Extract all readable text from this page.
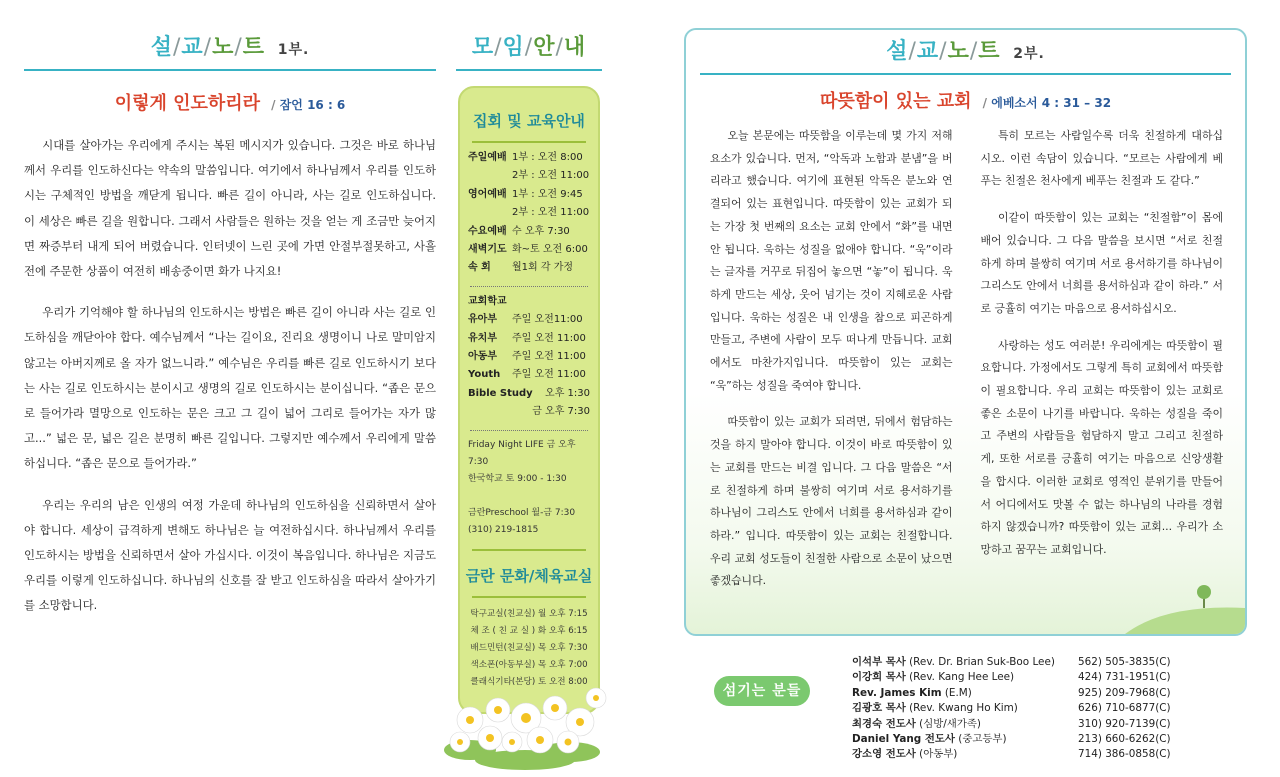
설/교/노/트 1부.
이렇게 인도하리라 / 잠언 16 : 6

시대를 살아가는 우리에게 주시는 복된 메시지가 있습니다. 그것은 바로 하나님께서 우리를 인도하신다는 약속의 말씀입니다. 여기에서 하나님께서 우리를 인도하시는 구체적인 방법을 깨닫게 됩니다. 빠른 길이 아니라, 사는 길로 인도하십니다. 이 세상은 빠른 길을 원합니다. 그래서 사람들은 원하는 것을 얻는 게 조금만 늦어지면 짜증부터 내게 되어 버렸습니다. 인터넷이 느린 곳에 가면 안절부절못하고, 사흘 전에 주문한 상품이 여전히 배송중이면 화가 나지요!

우리가 기억해야 할 하나님의 인도하시는 방법은 빠른 길이 아니라 사는 길로 인도하심을 깨닫아야 합다. 예수님께서 “나는 길이요, 진리요 생명이니 나로 말미암지 않고는 아버지께로 올 자가 없느니라.” 예수님은 우리를 빠른 길로 인도하시기 보다는 사는 길로 인도하시는 분이시고 생명의 길로 인도하시는 분이십니다. “좁은 문으로 들어가라 멸망으로 인도하는 문은 크고 그 길이 넓어 그리로 들어가는 자가 많고...” 넓은 문, 넓은 길은 분명히 빠른 길입니다. 그렇지만 예수께서 우리에게 말씀하십니다. “좁은 문으로 들어가라.”

우리는 우리의 남은 인생의 여정 가운데 하나님의 인도하심을 신뢰하면서 살아야 합니다. 세상이 급격하게 변해도 하나님은 늘 여전하십시다. 하나님께서 우리를 인도하시는 방법을 신뢰하면서 살아 가십시다. 이것이 복음입니다. 하나님은 지금도 우리를 이렇게 인도하십니다. 하나님의 신호를 잘 받고 인도하심을 따라서 살아가기를 소망합니다.

모/임/안/내
집회 및 교육안내
주일예배 1부 : 오전 8:00
2부 : 오전 11:00
영어예배 1부 : 오전 9:45
2부 : 오전 11:00
수요예배 수 오후 7:30
새벽기도 화~토 오전 6:00
속 회	월1회 각 가정
교회학교
유아부	주일 오전11:00
유치부	주일 오전 11:00
아동부	주일 오전 11:00
Youth	주일 오전 11:00
Bible Study	오후 1:30
금 오후 7:30
Friday Night LIFE 금 오후 7:30
한국학교 토 9:00 - 1:30
금란Preschool 월-금 7:30
(310) 219-1815
금란 문화/체육교실
탁구교실(친교실) 월 오후 7:15
체 조 ( 친 교 실 ) 화 오후 6:15
배드민턴(친교실) 목 오후 7:30
색소폰(아동부실) 목 오후 7:00
클래식기타(본당) 토 오전 8:00
설/교/노/트 2부.
따뜻함이 있는 교회 / 에베소서 4 : 31 – 32

오늘 본문에는 따뜻함을 이루는데 몇 가지 저해요소가 있습니다. 먼저, “악독과 노함과 분냄”을 버리라고 했습니다. 여기에 표현된 악독은 분노와 연결되어 있는 표현입니다. 따뜻함이 있는 교회가 되는 가장 첫 번째의 요소는 교회 안에서 “화”를 내면 안 됩니다. 욱하는 성질을 없애야 합니다. “욱”이라는 글자를 거꾸로 뒤집어 놓으면 “놓”이 됩니다. 욱하게 만드는 세상, 웃어 넘기는 것이 지혜로운 사람입니다. 욱하는 성질은 내 인생을 참으로 피곤하게 만들고, 주변에 사람이 모두 떠나게 만듭니다. 교회에서도 마찬가지입니다. 따뜻함이 있는 교회는 “욱”하는 성질을 죽여야 합니다.

따뜻함이 있는 교회가 되려면, 뒤에서 험담하는 것을 하지 말아야 합니다. 이것이 바로 따뜻함이 있는 교회를 만드는 비결 입니다. 그 다음 말씀은 “서로 친절하게 하며 불쌍히 여기며 서로 용서하기를 하나님이 그리스도 안에서 너희를 용서하심과 같이 하라.” 입니다. 따뜻함이 있는 교회는 친절합니다. 우리 교회 성도들이 친절한 사람으로 소문이 났으면 좋겠습니다.

특히 모르는 사람일수록 더욱 친절하게 대하십시오. 이런 속담이 있습니다. “모르는 사람에게 베푸는 친절은 천사에게 베푸는 친절과 도 같다.”

이같이 따뜻함이 있는 교회는 “친절함”이 몸에 배어 있습니다. 그 다음 말씀을 보시면 “서로 친절하게 하며 불쌍히 여기며 서로 용서하기를 하나님이 그리스도 안에서 너희를 용서하심과 같이 하라.” 서로 긍휼히 여기는 마음으로 용서하십시오.

사랑하는 성도 여러분! 우리에게는 따뜻함이 필요합니다. 가정에서도 그렇게 특히 교회에서 따뜻함이 필요합니다. 우리 교회는 따뜻함이 있는 교회로 좋은 소문이 나기를 바랍니다. 욱하는 성질을 죽이고 주변의 사람들을 험담하지 말고 그리고 친절하게, 또한 서로를 긍휼히 여기는 마음으로 신앙생활을 합시다. 이러한 교회로 영적인 분위기를 만들어서 어디에서도 맛볼 수 없는 하나님의 나라를 경험하지 않겠습니까? 따뜻함이 있는 교회... 우리가 소망하고 꿈꾸는 교회입니다.

섬기는 분들
이석부 목사 (Rev. Dr. Brian Suk-Boo Lee)	562) 505-3835(C)
이강희 목사 (Rev. Kang Hee Lee)	424) 731-1951(C)
Rev. James Kim (E.M)	925) 209-7968(C)
김광호 목사 (Rev. Kwang Ho Kim)	626) 710-6877(C)
최경숙 전도사 (심방/새가족)	310) 920-7139(C)
Daniel Yang 전도사 (중고등부)	213) 660-6262(C)
강소영 전도사 (아동부)	714) 386-0858(C)
